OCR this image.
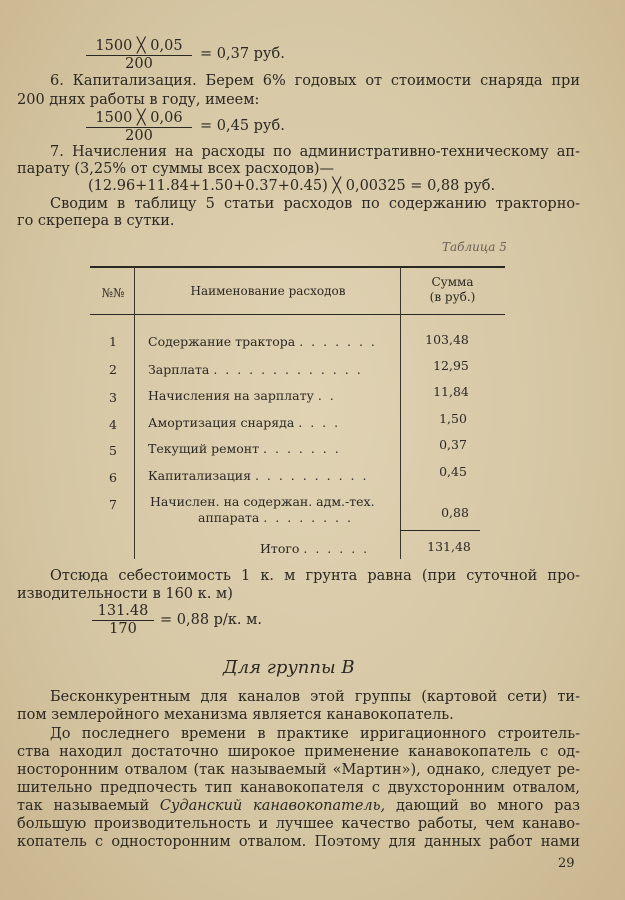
$\frac{1500 ╳ 0,05}{200} = 0,37$ руб.
6. Капитализация. Берем 6% годовых от стоимости снаряда при
200 днях работы в году, имеем:
$\frac{1500 ╳ 0,06}{200} = 0,45$ руб.
7. Начисления на расходы по административно-техническому ап-
парату (3,25% от суммы всех расходов)—
(12.96+11.84+1.50+0.37+0.45) ╳ 0,00325 = 0,88 руб.
Сводим в таблицу 5 статьи расходов по содержанию тракторно-
го скрепера в сутки.
Таблица 5
№№	Наименование расходов
Сумма
(в руб.)
1	Содержание трактора . . . . . . .	103,48
2	Зарплата . . . . . . . . . . . . .	12,95
3	Начисления на зарплату . .	11,84
4	Амортизация снаряда . . . .	1,50
5	Текущий ремонт . . . . . . .	0,37
6	Капитализация . . . . . . . . . .	0,45
7	Начислен. на содержан. адм.-тех.
аппарата . . . . . . . .	0,88
Итого . . . . . .	131,48
Отсюда себестоимость 1 к. м грунта равна (при суточной про-
изводительности в 160 к. м)
$\frac{131.48}{170} = 0,88$ р/к. м.
Для группы В
Бесконкурентным для каналов этой группы (картовой сети) ти-
пом землеройного механизма является канавокопатель.
До последнего времени в практике ирригационного строитель-
ства находил достаточно широкое применение канавокопатель с од-
носторонним отвалом (так называемый «Мартин»), однако, следует ре-
шительно предпочесть тип канавокопателя с двухсторонним отвалом,
так называемый Суданский канавокопатель, дающий во много раз
большую производительность и лучшее качество работы, чем канаво-
копатель с односторонним отвалом. Поэтому для данных работ нами
29
